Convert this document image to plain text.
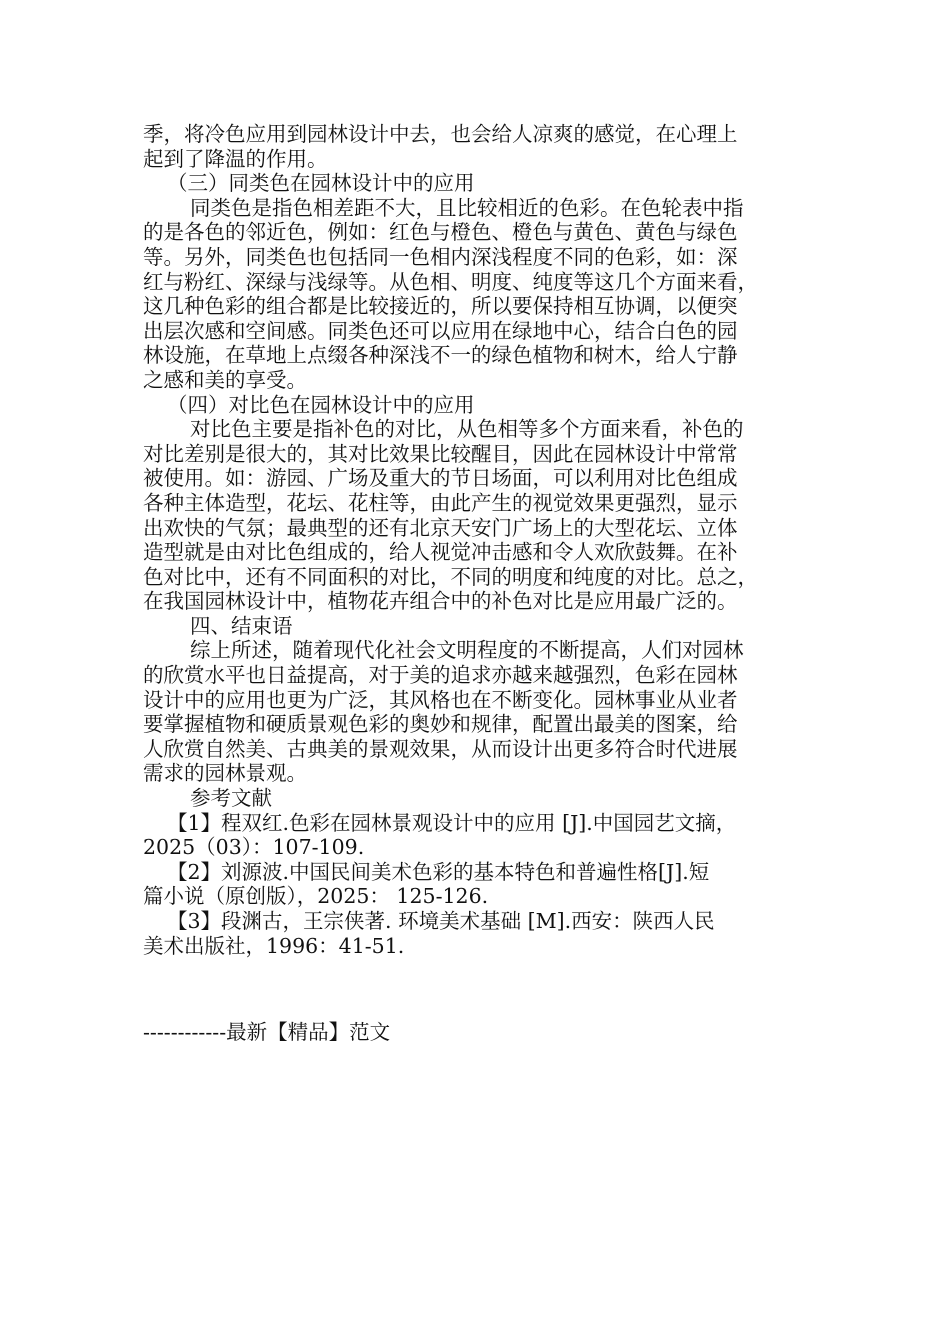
季，将冷色应用到园林设计中去，也会给人凉爽的感觉，在心理上
起到了降温的作用。
（三）同类色在园林设计中的应用
同类色是指色相差距不大，且比较相近的色彩。在色轮表中指
的是各色的邻近色，例如：红色与橙色、橙色与黄色、黄色与绿色
等。另外，同类色也包括同一色相内深浅程度不同的色彩，如：深
红与粉红、深绿与浅绿等。从色相、明度、纯度等这几个方面来看，
这几种色彩的组合都是比较接近的，所以要保持相互协调，以便突
出层次感和空间感。同类色还可以应用在绿地中心，结合白色的园
林设施，在草地上点缀各种深浅不一的绿色植物和树木，给人宁静
之感和美的享受。
（四）对比色在园林设计中的应用
对比色主要是指补色的对比，从色相等多个方面来看，补色的
对比差别是很大的，其对比效果比较醒目，因此在园林设计中常常
被使用。如：游园、广场及重大的节日场面，可以利用对比色组成
各种主体造型，花坛、花柱等，由此产生的视觉效果更强烈，显示
出欢快的气氛；最典型的还有北京天安门广场上的大型花坛、立体
造型就是由对比色组成的，给人视觉冲击感和令人欢欣鼓舞。在补
色对比中，还有不同面积的对比，不同的明度和纯度的对比。总之，
在我国园林设计中，植物花卉组合中的补色对比是应用最广泛的。
四、结束语
综上所述，随着现代化社会文明程度的不断提高，人们对园林
的欣赏水平也日益提高，对于美的追求亦越来越强烈，色彩在园林
设计中的应用也更为广泛，其风格也在不断变化。园林事业从业者
要掌握植物和硬质景观色彩的奥妙和规律，配置出最美的图案，给
人欣赏自然美、古典美的景观效果，从而设计出更多符合时代进展
需求的园林景观。
参考文献
【1】程双红.色彩在园林景观设计中的应用 [J].中国园艺文摘，
2025（03）：107-109.
【2】刘源波.中国民间美术色彩的基本特色和普遍性格[J].短
篇小说（原创版），2025： 125-126.
【3】段渊古，王宗侠著. 环境美术基础 [M].西安：陕西人民
美术出版社，1996：41-51.
------------最新【精品】范文
